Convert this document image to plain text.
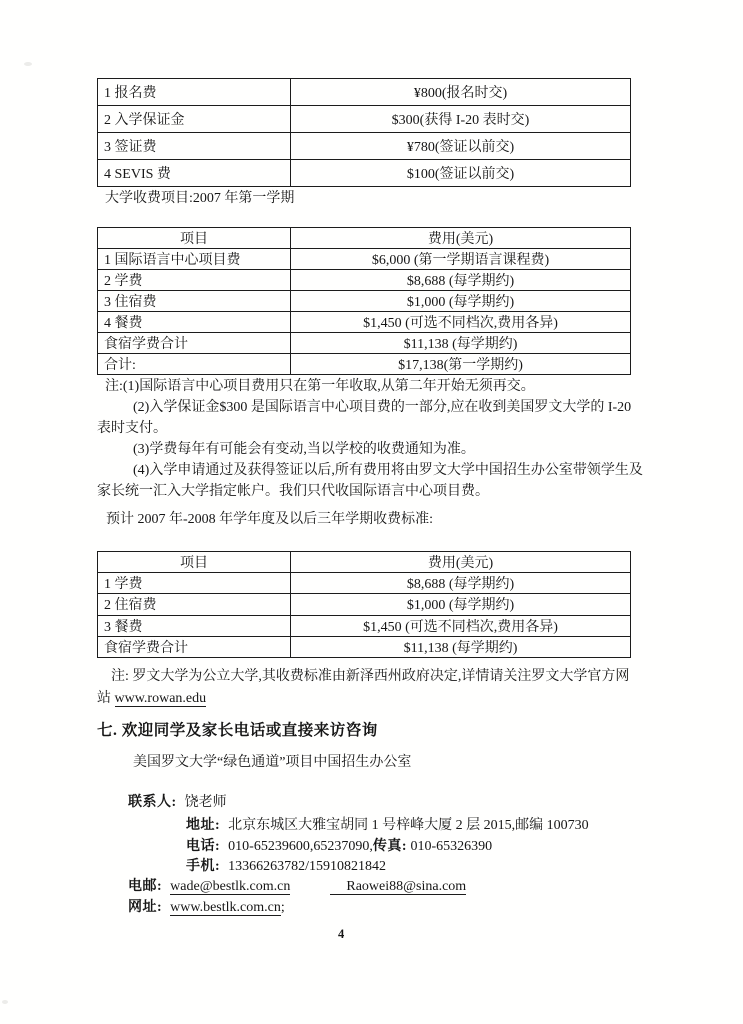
1 报名费	¥800(报名时交)
2 入学保证金	$300(获得 I-20 表时交)
3 签证费	¥780(签证以前交)
4 SEVIS 费	$100(签证以前交)
大学收费项目:2007 年第一学期
项目	费用(美元)
1 国际语言中心项目费	$6,000 (第一学期语言课程费)
2 学费	$8,688 (每学期约)
3 住宿费	$1,000 (每学期约)
4 餐费	$1,450 (可选不同档次,费用各异)
食宿学费合计	$11,138 (每学期约)
合计:	$17,138(第一学期约)
注:(1)国际语言中心项目费用只在第一年收取,从第二年开始无须再交。
(2)入学保证金$300 是国际语言中心项目费的一部分,应在收到美国罗文大学的 I-20
表时支付。
(3)学费每年有可能会有变动,当以学校的收费通知为准。
(4)入学申请通过及获得签证以后,所有费用将由罗文大学中国招生办公室带领学生及
家长统一汇入大学指定帐户。我们只代收国际语言中心项目费。
预计 2007 年-2008 年学年度及以后三年学期收费标准:
项目	费用(美元)
1 学费	$8,688 (每学期约)
2 住宿费	$1,000 (每学期约)
3 餐费	$1,450 (可选不同档次,费用各异)
食宿学费合计	$11,138 (每学期约)
注: 罗文大学为公立大学,其收费标准由新泽西州政府决定,详情请关注罗文大学官方网
站 www.rowan.edu
七. 欢迎同学及家长电话或直接来访咨询
美国罗文大学“绿色通道”项目中国招生办公室
联系人: 饶老师
地址: 北京东城区大雅宝胡同 1 号梓峰大厦 2 层 2015,邮编 100730
电话: 010-65239600,65237090,传真: 010-65326390
手机: 13366263782/15910821842
电邮: wade@bestlk.com.cn	Raowei88@sina.com
网址: www.bestlk.com.cn;
4
